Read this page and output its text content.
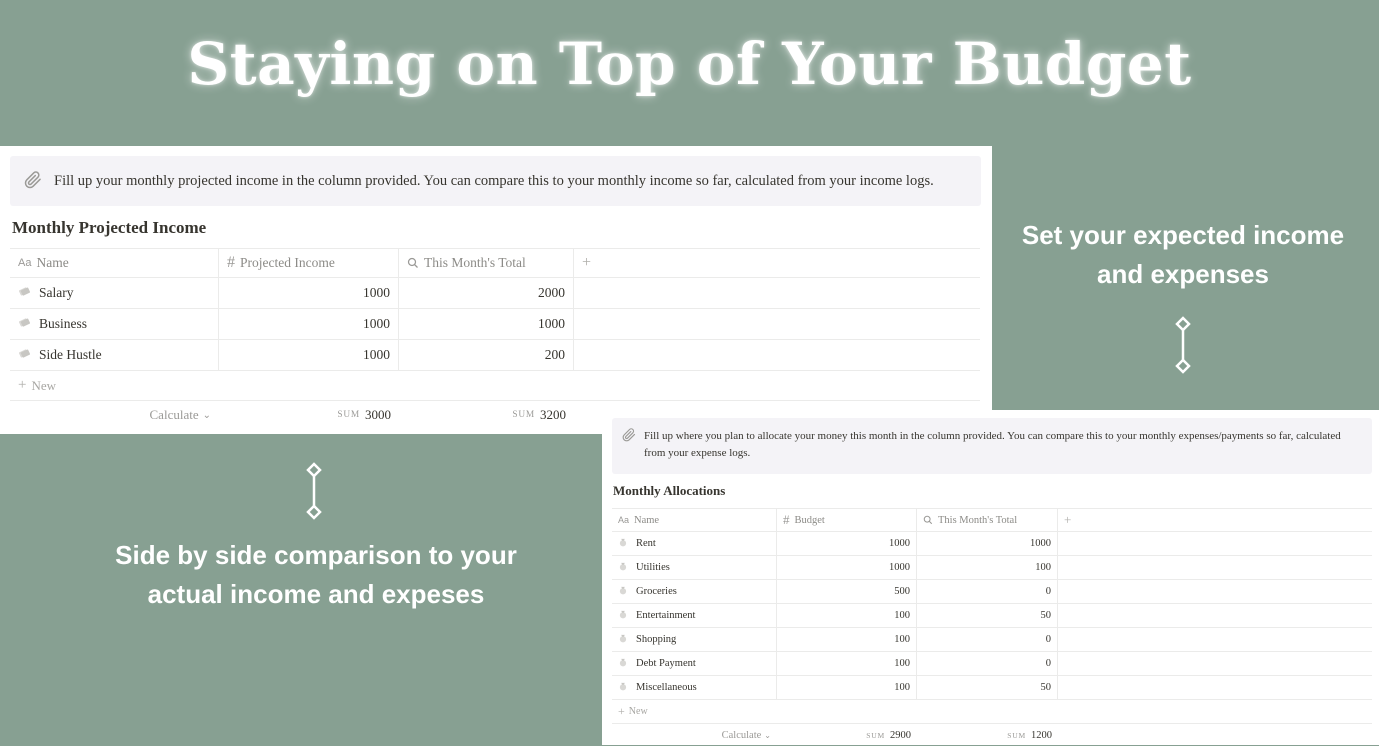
Staying on Top of Your Budget
Fill up your monthly projected income in the column provided. You can compare this to your monthly income so far, calculated from your income logs.
Monthly Projected Income
Aa Name	# Projected Income	This Month's Total	+
Salary	1000	2000
Business	1000	1000
Side Hustle	1000	200
+ New
Calculate ⌄	SUM 3000	SUM 3200
Set your expected income and expenses
Side by side comparison to your actual income and expeses
Fill up where you plan to allocate your money this month in the column provided. You can compare this to your monthly expenses/payments so far, calculated from your expense logs.
Monthly Allocations
Aa Name	# Budget	This Month's Total	+
Rent	1000	1000
Utilities	1000	100
Groceries	500	0
Entertainment	100	50
Shopping	100	0
Debt Payment	100	0
Miscellaneous	100	50
+ New
Calculate ⌄	SUM 2900	SUM 1200
